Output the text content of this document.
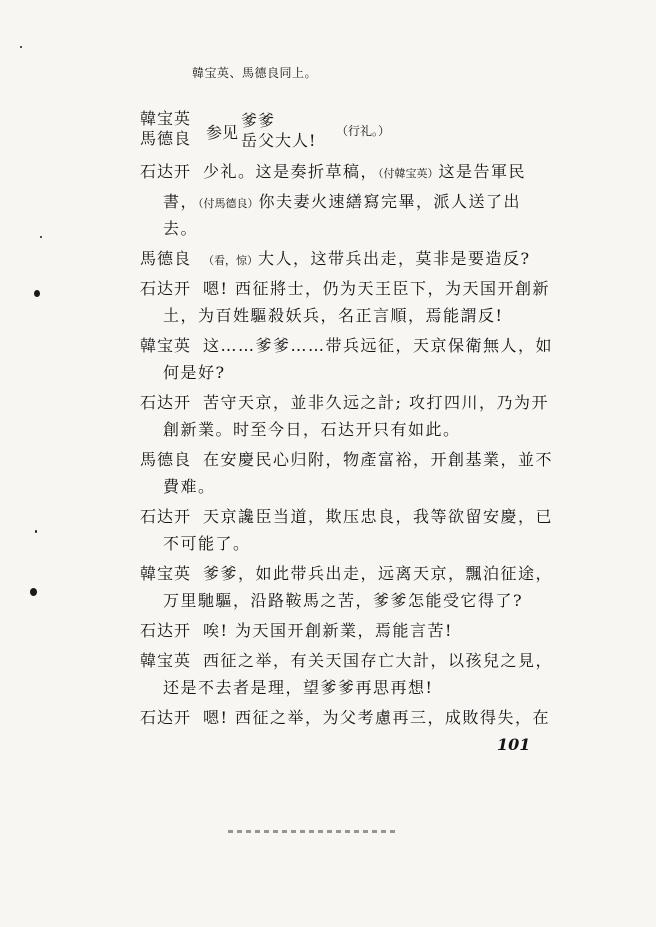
韓宝英、馬德良同上。
韓宝英
馬德良 参见
爹爹
岳父大人! （行礼。）
石达开 少礼。这是奏折草稿，（付韓宝英）这是告軍民
書，（付馬德良）你夫妻火速繕寫完畢，派人送了出
去。
馬德良 （看，惊）大人，这带兵出走，莫非是要造反?
石达开 嗯! 西征將士，仍为天王臣下，为天国开創新
土，为百姓驅殺妖兵，名正言順，焉能謂反!
韓宝英 这……爹爹……带兵远征，天京保衛無人，如
何是好?
石达开 苦守天京，並非久远之計; 攻打四川，乃为开
創新業。时至今日，石达开只有如此。
馬德良 在安慶民心归附，物產富裕，开創基業，並不
費难。
石达开 天京讒臣当道，欺压忠良，我等欲留安慶，已
不可能了。
韓宝英 爹爹，如此带兵出走，远离天京，飄泊征途，
万里馳驅，沿路鞍馬之苦，爹爹怎能受它得了?
石达开 唉! 为天国开創新業，焉能言苦!
韓宝英 西征之举，有关天国存亡大計，以孩兒之見，
还是不去者是理，望爹爹再思再想!
石达开 嗯! 西征之举，为父考慮再三，成敗得失，在
101
